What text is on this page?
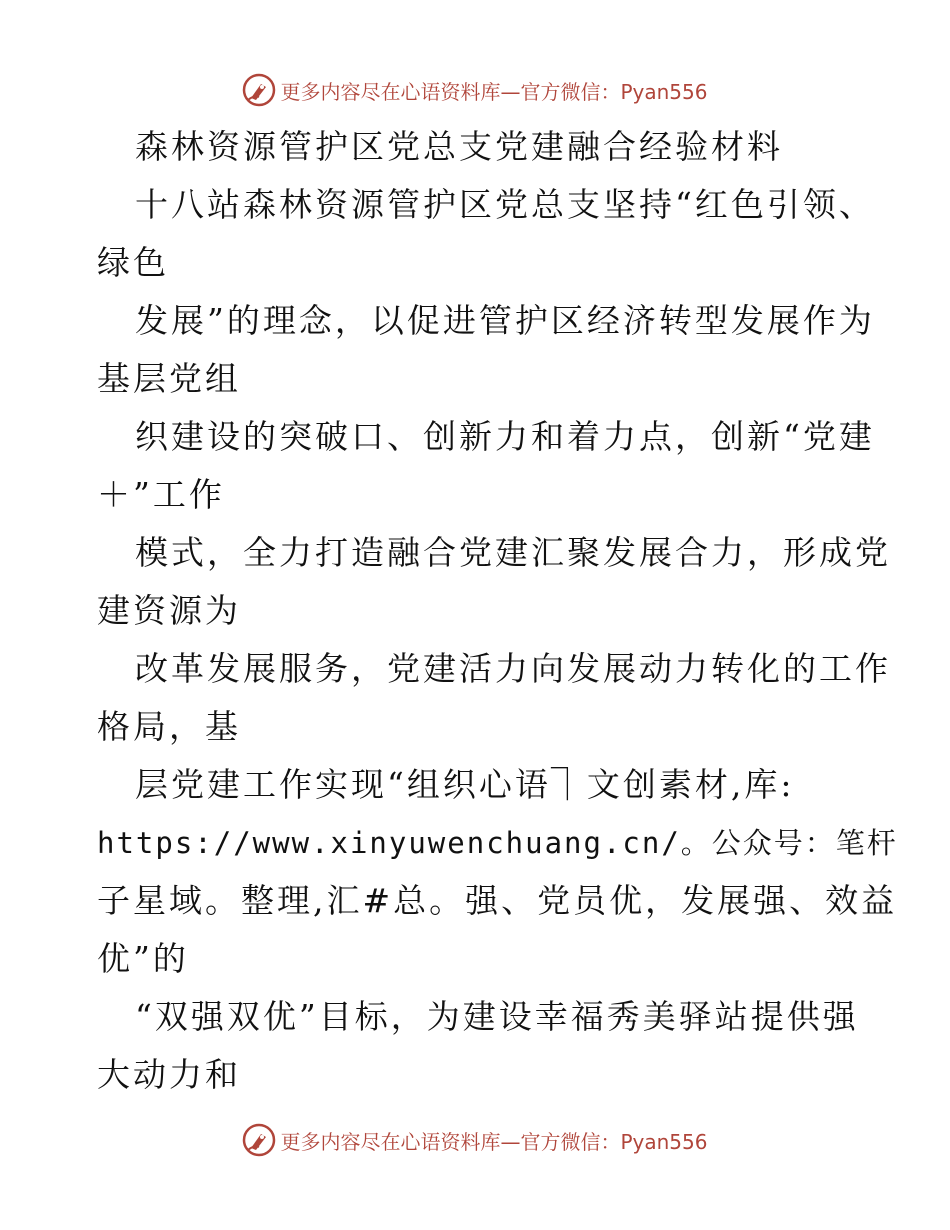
更多内容尽在心语资料库—官方微信：Pyan556
森林资源管护区党总支党建融合经验材料
十八站森林资源管护区党总支坚持“红色引领、
绿色
发展”的理念，以促进管护区经济转型发展作为
基层党组
织建设的突破口、创新力和着力点，创新“党建
＋”工作
模式，全力打造融合党建汇聚发展合力，形成党
建资源为
改革发展服务，党建活力向发展动力转化的工作
格局，基
层党建工作实现“组织心语⏋文创素材,库:
https://www.xinyuwenchuang.cn/。公众号：笔杆
子星域。整理,汇#总。强、党员优，发展强、效益
优”的
“双强双优”目标，为建设幸福秀美驿站提供强
大动力和
更多内容尽在心语资料库—官方微信：Pyan556
